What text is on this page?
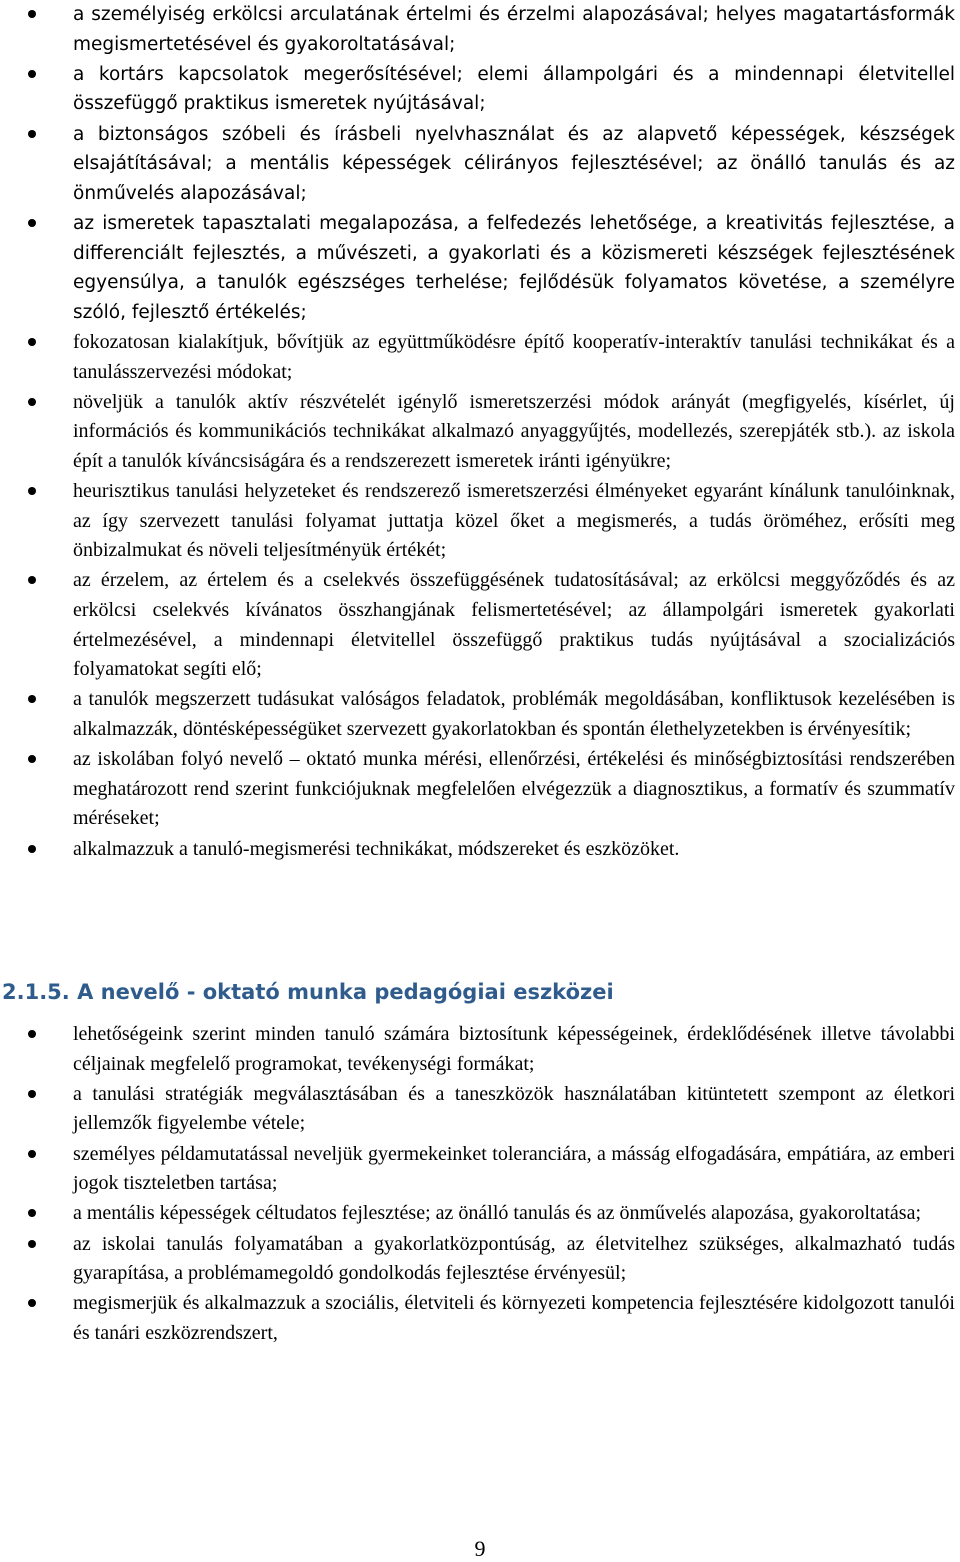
a személyiség erkölcsi arculatának értelmi és érzelmi alapozásával; helyes magatartásformák megismertetésével és gyakoroltatásával;
a kortárs kapcsolatok megerősítésével; elemi állampolgári és a mindennapi életvitellel összefüggő praktikus ismeretek nyújtásával;
a biztonságos szóbeli és írásbeli nyelvhasználat és az alapvető képességek, készségek elsajátításával; a mentális képességek célirányos fejlesztésével; az önálló tanulás és az önművelés alapozásával;
az ismeretek tapasztalati megalapozása, a felfedezés lehetősége, a kreativitás fejlesztése, a differenciált fejlesztés, a művészeti, a gyakorlati és a közismereti készségek fejlesztésének egyensúlya, a tanulók egészséges terhelése; fejlődésük folyamatos követése, a személyre szóló, fejlesztő értékelés;
fokozatosan kialakítjuk, bővítjük az együttműködésre építő kooperatív-interaktív tanulási technikákat és a tanulásszervezési módokat;
növeljük a tanulók aktív részvételét igénylő ismeretszerzési módok arányát (megfigyelés, kísérlet, új információs és kommunikációs technikákat alkalmazó anyaggyűjtés, modellezés, szerepjáték stb.). az iskola épít a tanulók kíváncsiságára és a rendszerezett ismeretek iránti igényükre;
heurisztikus tanulási helyzeteket és rendszerező ismeretszerzési élményeket egyaránt kínálunk tanulóinknak, az így szervezett tanulási folyamat juttatja közel őket a megismerés, a tudás öröméhez, erősíti meg önbizalmukat és növeli teljesítményük értékét;
az érzelem, az értelem és a cselekvés összefüggésének tudatosításával; az erkölcsi meggyőződés és az erkölcsi cselekvés kívánatos összhangjának felismertetésével; az állampolgári ismeretek gyakorlati értelmezésével, a mindennapi életvitellel összefüggő praktikus tudás nyújtásával a szocializációs folyamatokat segíti elő;
a tanulók megszerzett tudásukat valóságos feladatok, problémák megoldásában, konfliktusok kezelésében is alkalmazzák, döntésképességüket szervezett gyakorlatokban és spontán élethelyzetekben is érvényesítik;
az iskolában folyó nevelő – oktató munka mérési, ellenőrzési, értékelési és minőségbiztosítási rendszerében meghatározott rend szerint funkciójuknak megfelelően elvégezzük a diagnosztikus, a formatív és szummatív méréseket;
alkalmazzuk a tanuló-megismerési technikákat, módszereket és eszközöket.
2.1.5. A nevelő - oktató munka pedagógiai eszközei
lehetőségeink szerint minden tanuló számára biztosítunk képességeinek, érdeklődésének illetve távolabbi céljainak megfelelő programokat, tevékenységi formákat;
a tanulási stratégiák megválasztásában és a taneszközök használatában kitüntetett szempont az életkori jellemzők figyelembe vétele;
személyes példamutatással neveljük gyermekeinket toleranciára, a másság elfogadására, empátiára, az emberi jogok tiszteletben tartása;
a mentális képességek céltudatos fejlesztése; az önálló tanulás és az önművelés alapozása, gyakoroltatása;
az iskolai tanulás folyamatában a gyakorlatközpontúság, az életvitelhez szükséges, alkalmazható tudás gyarapítása, a problémamegoldó gondolkodás fejlesztése érvényesül;
megismerjük és alkalmazzuk a szociális, életviteli és környezeti kompetencia fejlesztésére kidolgozott tanulói és tanári eszközrendszert,
9
